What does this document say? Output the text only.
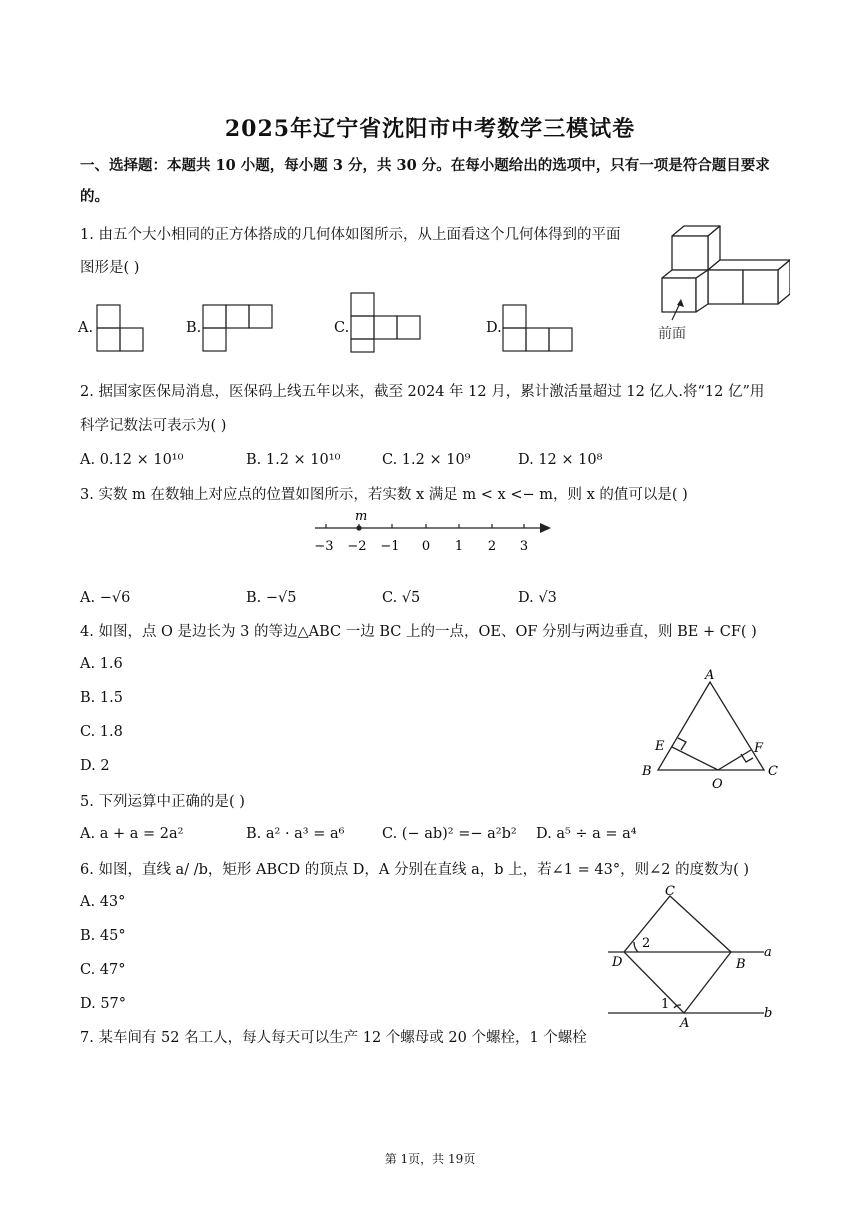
2025年辽宁省沈阳市中考数学三模试卷
一、选择题：本题共 10 小题，每小题 3 分，共 30 分。在每小题给出的选项中，只有一项是符合题目要求
的。
1. 由五个大小相同的正方体搭成的几何体如图所示，从上面看这个几何体得到的平面
图形是( )
A.	B.	C.	D.	前面
2. 据国家医保局消息，医保码上线五年以来，截至 2024 年 12 月，累计激活量超过 12 亿人.将“12 亿”用
科学记数法可表示为( )
A. 0.12 × 10¹⁰	B. 1.2 × 10¹⁰	C. 1.2 × 10⁹	D. 12 × 10⁸
3. 实数 m 在数轴上对应点的位置如图所示，若实数 x 满足 m < x <− m，则 x 的值可以是( )
m
−3 −2 −1 0 1 2 3
A. −√6	B. −√5	C. √5	D. √3
4. 如图，点 O 是边长为 3 的等边△ABC 一边 BC 上的一点，OE、OF 分别与两边垂直，则 BE + CF( )
A. 1.6
B. 1.5
C. 1.8
D. 2
A
B	C
E	F
O
5. 下列运算中正确的是( )
A. a + a = 2a²	B. a² · a³ = a⁶	C. (− ab)² =− a²b² D. a⁵ ÷ a = a⁴
6. 如图，直线 a/ /b，矩形 ABCD 的顶点 D，A 分别在直线 a，b 上，若∠1 = 43°，则∠2 的度数为( )
A. 43°
B. 45°
C. 47°
D. 57°
C
D	B
A
a
b
2
1
7. 某车间有 52 名工人，每人每天可以生产 12 个螺母或 20 个螺栓，1 个螺栓
第 1页，共 19页
